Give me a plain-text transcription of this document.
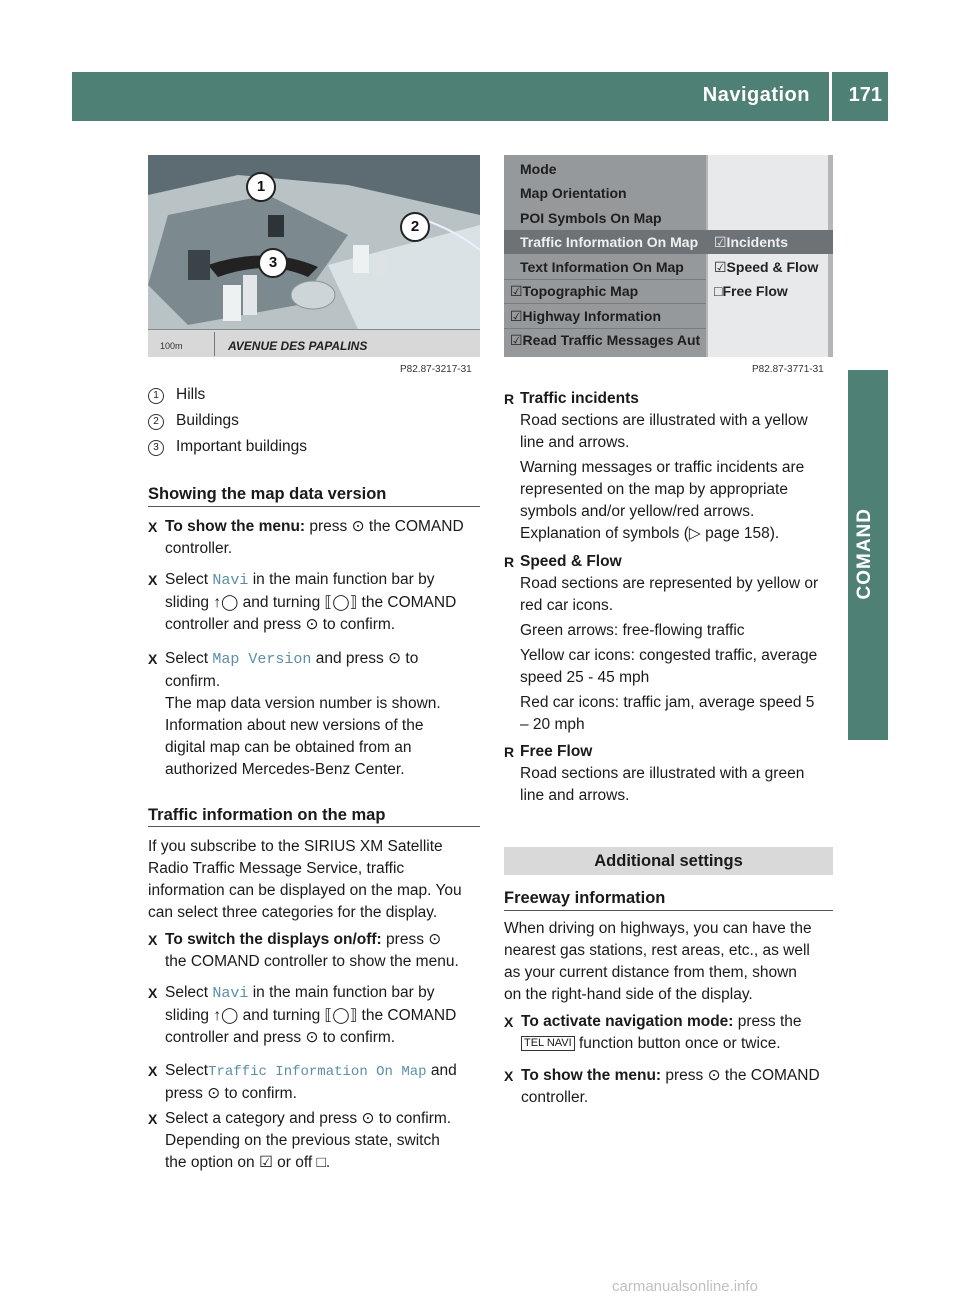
Navigation 171
COMAND
1
2
3
100m	AVENUE DES PAPALINS
P82.87-3217-31
Mode
Map Orientation
POI Symbols On Map
Traffic Information On Map	☑Incidents
Text Information On Map	☑Speed & Flow
☑Topographic Map	□Free Flow
☑Highway Information
☑Read Traffic Messages Aut
P82.87-3771-31
1 Hills
2 Buildings
3 Important buildings
Showing the map data version
X To show the menu: press ⊙ the COMAND
controller.
X Select Navi in the main function bar by
sliding ↑◯ and turning ⟦◯⟧ the COMAND
controller and press ⊙ to confirm.
X Select Map Version and press ⊙ to
confirm.
The map data version number is shown.
Information about new versions of the
digital map can be obtained from an
authorized Mercedes-Benz Center.
Traffic information on the map
If you subscribe to the SIRIUS XM Satellite
Radio Traffic Message Service, traffic
information can be displayed on the map. You
can select three categories for the display.
X To switch the displays on/off: press ⊙
the COMAND controller to show the menu.
X Select Navi in the main function bar by
sliding ↑◯ and turning ⟦◯⟧ the COMAND
controller and press ⊙ to confirm.
X SelectTraffic Information On Map and
press ⊙ to confirm.
X Select a category and press ⊙ to confirm.
Depending on the previous state, switch
the option on ☑ or off □.
R Traffic incidents
Road sections are illustrated with a yellow
line and arrows.
Warning messages or traffic incidents are
represented on the map by appropriate
symbols and/or yellow/red arrows.
Explanation of symbols (▷ page 158).
R Speed & Flow
Road sections are represented by yellow or
red car icons.
Green arrows: free-flowing traffic
Yellow car icons: congested traffic, average
speed 25 - 45 mph
Red car icons: traffic jam, average speed 5
– 20 mph
R Free Flow
Road sections are illustrated with a green
line and arrows.
Additional settings
Freeway information
When driving on highways, you can have the
nearest gas stations, rest areas, etc., as well
as your current distance from them, shown
on the right-hand side of the display.
X To activate navigation mode: press the
TEL NAVI function button once or twice.
X To show the menu: press ⊙ the COMAND
controller.
carmanualsonline.info
